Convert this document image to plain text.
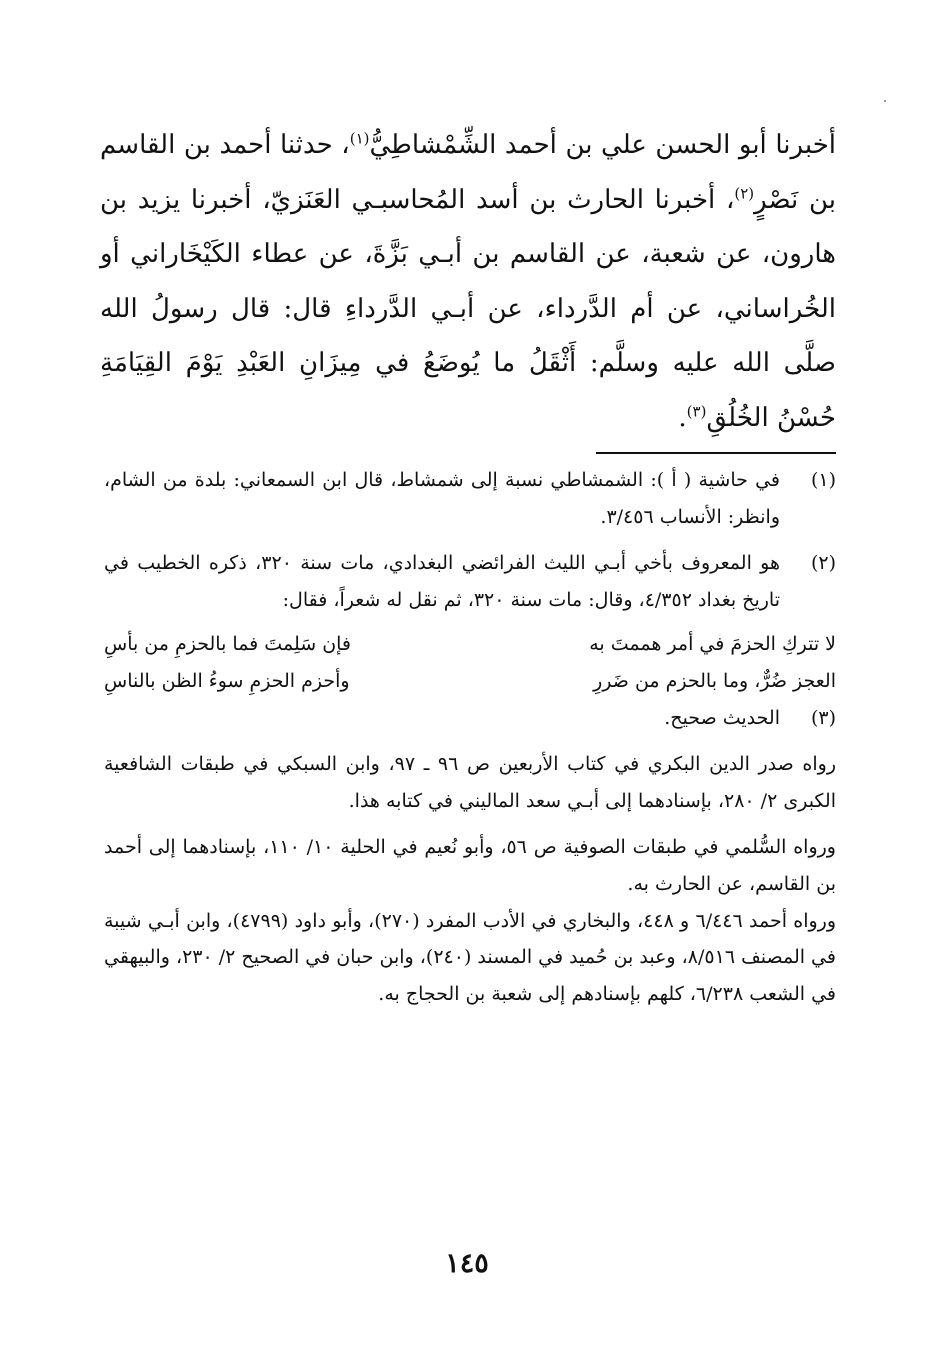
أخبرنا أبو الحسن علي بن أحمد الشِّمْشاطِيُّ$^{(١)}$، حدثنا أحمد بن القاسم بن نَصْرٍ$^{(٢)}$، أخبرنا الحارث بن أسد المُحاسبـي العَنَزيّ، أخبرنا يزيد بن هارون، عن شعبة، عن القاسم بن أبـي بَزَّةَ، عن عطاء الكَيْخَاراني أو الخُراساني، عن أم الدَّرداء، عن أبـي الدَّرداءِ قال: قال رسولُ الله صلَّى الله عليه وسلَّم: أَثْقَلُ ما يُوضَعُ في مِيزَانِ العَبْدِ يَوْمَ القِيَامَةِ حُسْنُ الخُلُقِ$^{(٣)}$.

(١)
في حاشية ( أ ): الشمشاطي نسبة إلى شمشاط، قال ابن السمعاني: بلدة من الشام، وانظر: الأنساب ٣/٤٥٦.
(٢)
هو المعروف بأخي أبـي الليث الفرائضي البغدادي، مات سنة ٣٢٠، ذكره الخطيب في تاريخ بغداد ٤/٣٥٢، وقال: مات سنة ٣٢٠، ثم نقل له شعراً، فقال:
لا تتركِ الحزمَ في أمر هممتَ به
فإن سَلِمتَ فما بالحزمِ من بأسِ
العجز ضُرٌّ، وما بالحزم من ضَررِ
وأحزم الحزمِ سوءُ الظن بالناسِ
(٣)
الحديث صحيح.

رواه صدر الدين البكري في كتاب الأربعين ص ٩٦ ـ ٩٧، وابن السبكي في طبقات الشافعية الكبرى ٢/ ٢٨٠، بإسنادهما إلى أبـي سعد الماليني في كتابه هذا.

ورواه السُّلمي في طبقات الصوفية ص ٥٦، وأبو نُعيم في الحلية ١٠/ ١١٠، بإسنادهما إلى أحمد بن القاسم، عن الحارث به.

ورواه أحمد ٦/٤٤٦ و ٤٤٨، والبخاري في الأدب المفرد (٢٧٠)، وأبو داود (٤٧٩٩)، وابن أبـي شيبة في المصنف ٨/٥١٦، وعبد بن حُميد في المسند (٢٤٠)، وابن حبان في الصحيح ٢/ ٢٣٠، والبيهقي في الشعب ٦/٢٣٨، كلهم بإسنادهم إلى شعبة بن الحجاج به.

١٤٥
